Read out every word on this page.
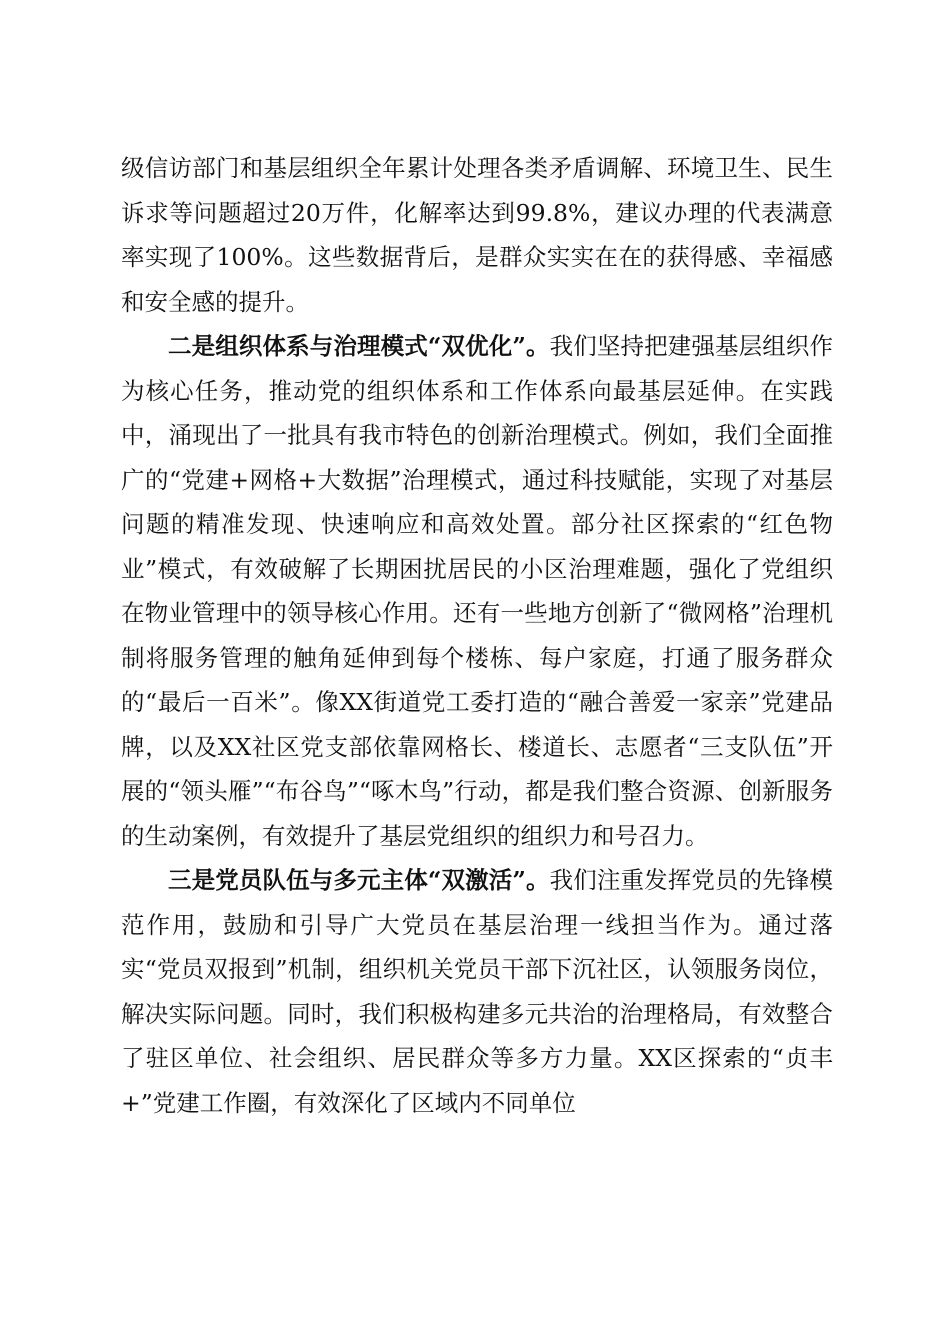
级信访部门和基层组织全年累计处理各类矛盾调解、环境卫生、民生诉求等问题超过20万件，化解率达到99.8%，建议办理的代表满意率实现了100%。这些数据背后，是群众实实在在的获得感、幸福感和安全感的提升。

二是组织体系与治理模式“双优化”。我们坚持把建强基层组织作为核心任务，推动党的组织体系和工作体系向最基层延伸。在实践中，涌现出了一批具有我市特色的创新治理模式。例如，我们全面推广的“党建+网格+大数据”治理模式，通过科技赋能，实现了对基层问题的精准发现、快速响应和高效处置。部分社区探索的“红色物业”模式，有效破解了长期困扰居民的小区治理难题，强化了党组织在物业管理中的领导核心作用。还有一些地方创新了“微网格”治理机制将服务管理的触角延伸到每个楼栋、每户家庭，打通了服务群众的“最后一百米”。像XX街道党工委打造的“融合善爱一家亲”党建品牌，以及XX社区党支部依靠网格长、楼道长、志愿者“三支队伍”开展的“领头雁”“布谷鸟”“啄木鸟”行动，都是我们整合资源、创新服务的生动案例，有效提升了基层党组织的组织力和号召力。

三是党员队伍与多元主体“双激活”。我们注重发挥党员的先锋模范作用，鼓励和引导广大党员在基层治理一线担当作为。通过落实“党员双报到”机制，组织机关党员干部下沉社区，认领服务岗位，解决实际问题。同时，我们积极构建多元共治的治理格局，有效整合了驻区单位、社会组织、居民群众等多方力量。XX区探索的“贞丰+”党建工作圈，有效深化了区域内不同单位
